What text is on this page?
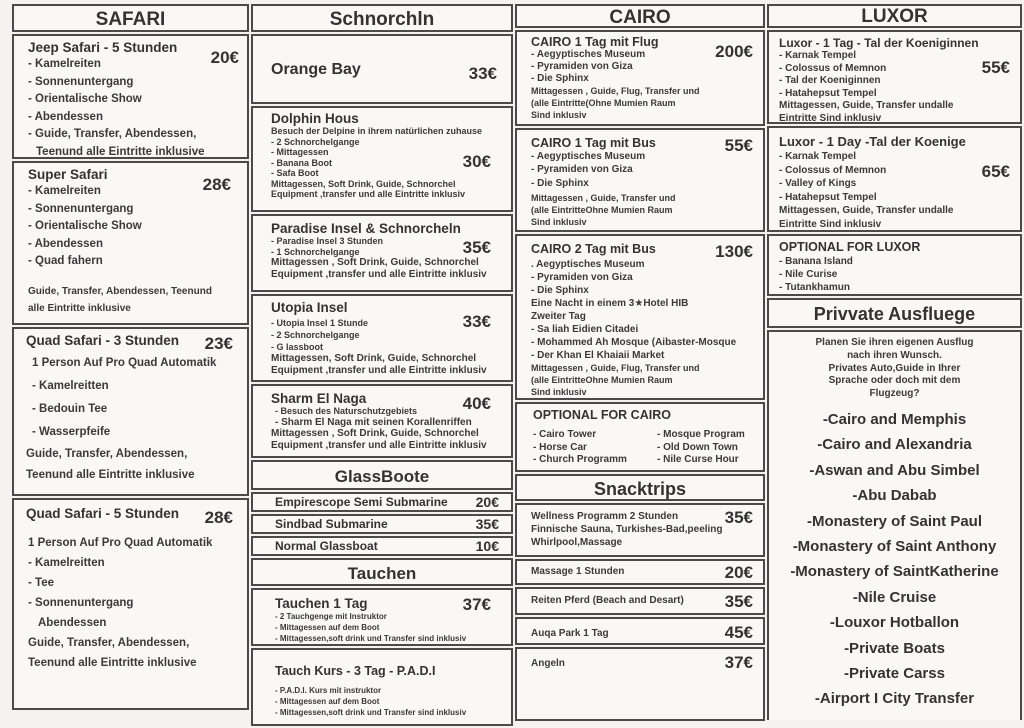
SAFARI
Jeep Safari - 5 Stunden
20€
- Kamelreiten
- Sonnenuntergang
- Orientalische Show
- Abendessen
- Guide, Transfer, Abendessen,
Teenund alle Eintritte inklusive
Super Safari
28€
- Kamelreiten
- Sonnenuntergang
- Orientalische Show
- Abendessen
- Quad fahern
Guide, Transfer, Abendessen, Teenund
alle Eintritte inklusive
Quad Safari - 3 Stunden	23€
1 Person Auf Pro Quad Automatik
- Kamelreitten
- Bedouin Tee
- Wasserpfeife
Guide, Transfer, Abendessen,
Teenund alle Eintritte inklusive
Quad Safari - 5 Stunden	28€
1 Person Auf Pro Quad Automatik
- Kamelreitten
- Tee
- Sonnenuntergang
Abendessen
Guide, Transfer, Abendessen,
Teenund alle Eintritte inklusive
Schnorchln
Orange Bay	33€
Dolphin Hous
30€
Besuch der Delpine in ihrem natürlichen zuhause
- 2 Schnorchelgange
- Mittagessen
- Banana Boot
- Safa Boot
Mittagessen, Soft Drink, Guide, Schnorchel
Equipment ,transfer und alle Eintritte inklusiv
Paradise Insel & Schnorcheln
35€
- Paradise Insel 3 Stunden
- 1 Schnorchelgange
Mittagessen , Soft Drink, Guide, Schnorchel
Equipment ,transfer und alle Eintritte inklusiv
Utopia Insel
33€
- Utopia Insel 1 Stunde
- 2 Schnorchelgange
- G lassboot
Mittagessen, Soft Drink, Guide, Schnorchel
Equipment ,transfer und alle Eintritte inklusiv
Sharm El Naga	40€
- Besuch des Naturschutzgebiets
- Sharm El Naga mit seinen Korallenriffen
Mittagessen , Soft Drink, Guide, Schnorchel
Equipment ,transfer und alle Eintritte inklusiv
GlassBoote
Empirescope Semi Submarine 20€
Sindbad Submarine	35€
Normal Glassboat	10€
Tauchen
Tauchen 1 Tag	37€
- 2 Tauchgenge mit Instruktor
- Mittagessen auf dem Boot
- Mittagessen,soft drink und Transfer sind inklusiv
Tauch Kurs - 3 Tag - P.A.D.I
- P.A.D.I. Kurs mit instruktor
- Mittagessen auf dem Boot
- Mittagessen,soft drink und Transfer sind inklusiv
CAIRO
CAIRO 1 Tag mit Flug	200€
- Aegyptisches Museum
- Pyramiden von Giza
- Die Sphinx
Mittagessen , Guide, Flug, Transfer und
(alle Eintritte(Ohne Mumien Raum
Sind inklusiv
CAIRO 1 Tag mit Bus	55€
- Aegyptisches Museum
- Pyramiden von Giza
- Die Sphinx
Mittagessen , Guide, Transfer und
(alle EintritteOhne Mumien Raum
Sind inklusiv
CAIRO 2 Tag mit Bus	130€
. Aegyptisches Museum
- Pyramiden von Giza
- Die Sphinx
Eine Nacht in einem 3★Hotel HIB
Zweiter Tag
- Sa liah Eidien Citadei
- Mohammed Ah Mosque (Aibaster-Mosque
- Der Khan El Khaiaii Market
Mittagessen , Guide, Flug, Transfer und
(alle EintritteOhne Mumien Raum
Sind inklusiv
OPTIONAL FOR CAIRO
- Cairo Tower
- Horse Car
- Church Programm
- Mosque Program
- Old Down Town
- Nile Curse Hour
Snacktrips
Wellness Programm 2 Stunden	35€
Finnische Sauna, Turkishes-Bad,peeling
Whirlpool,Massage
Massage 1 Stunden	20€
Reiten Pferd (Beach and Desart) 35€
Auqa Park 1 Tag	45€
Angeln	37€
LUXOR
Luxor - 1 Tag - Tal der Koeniginnen
55€
- Karnak Tempel
- Colossus of Memnon
- Tal der Koeniginnen
- Hatahepsut Tempel
Mittagessen, Guide, Transfer undalle
Eintritte Sind inklusiv
Luxor - 1 Day -Tal der Koenige
65€
- Karnak Tempel
- Colossus of Memnon
- Valley of Kings
- Hatahepsut Tempel
Mittagessen, Guide, Transfer undalle
Eintritte Sind inklusiv
OPTIONAL FOR LUXOR
- Banana Island
- Nile Curise
- Tutankhamun
Privvate Ausfluege
Planen Sie ihren eigenen Ausflug
nach ihren Wunsch.
Privates Auto,Guide in Ihrer
Sprache oder doch mit dem
Flugzeug?
-Cairo and Memphis
-Cairo and Alexandria
-Aswan and Abu Simbel
-Abu Dabab
-Monastery of Saint Paul
-Monastery of Saint Anthony
-Monastery of SaintKatherine
-Nile Cruise
-Louxor Hotballon
-Private Boats
-Private Carss
-Airport I City Transfer
